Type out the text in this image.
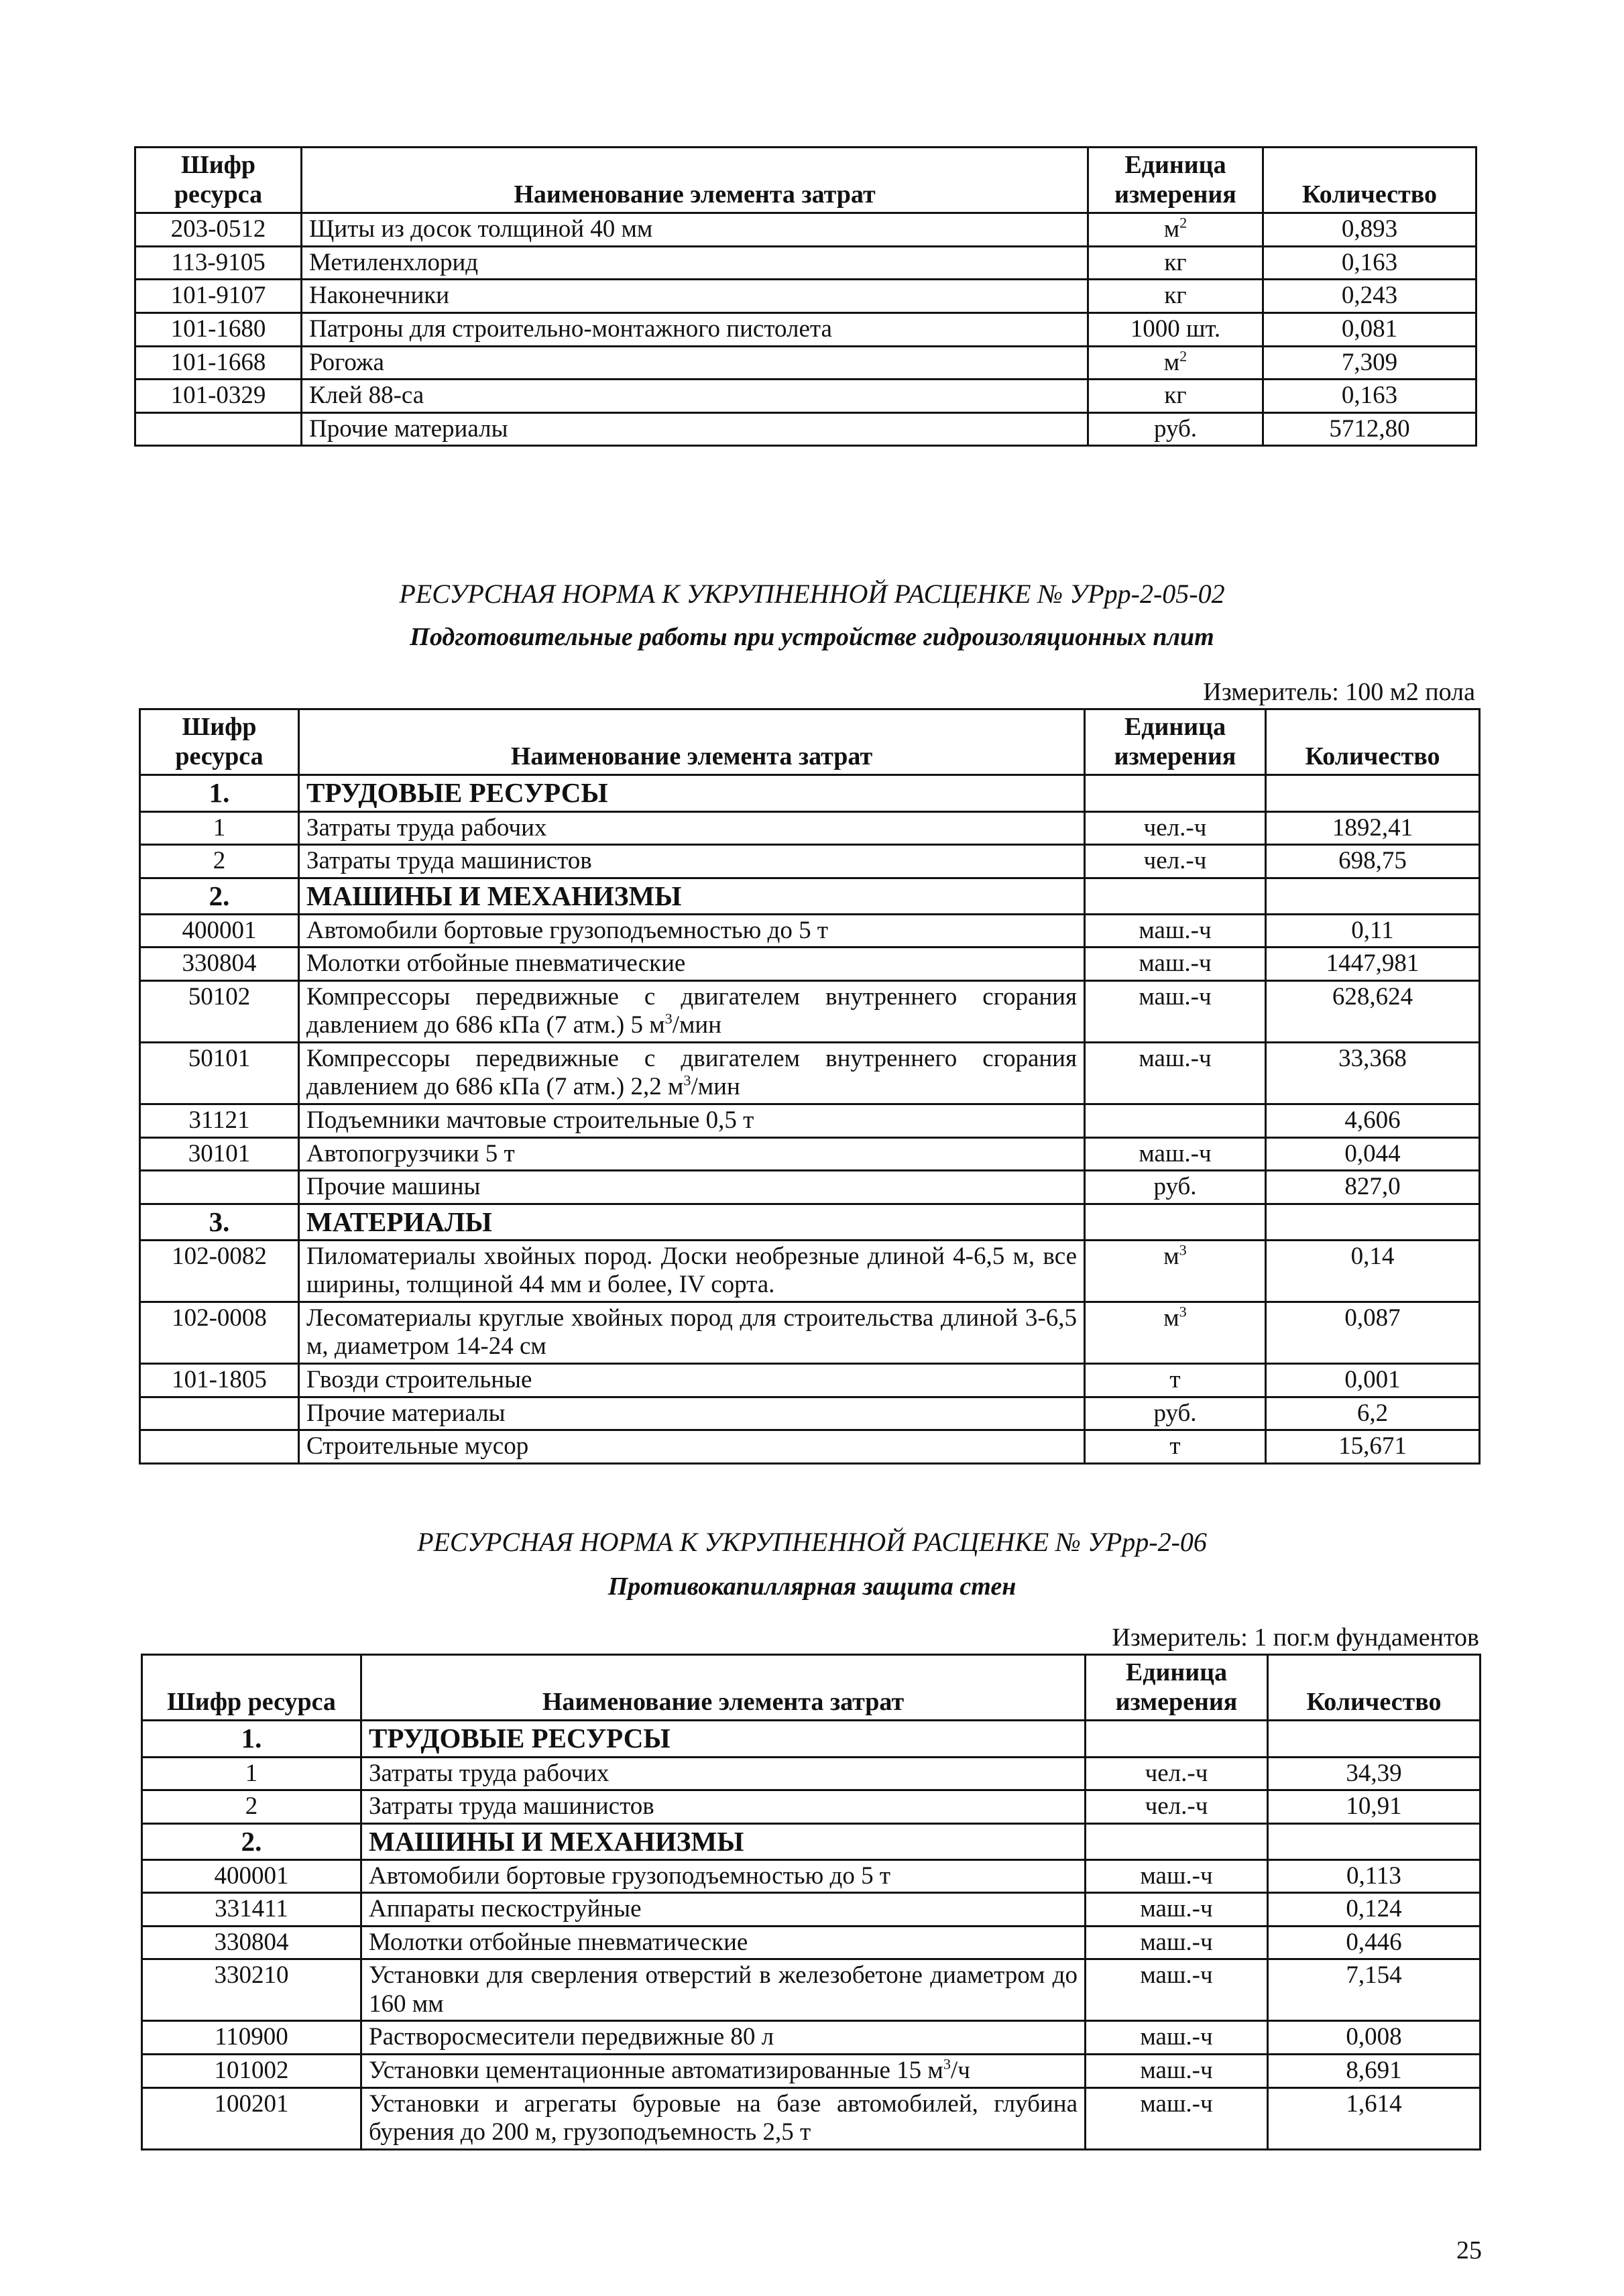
Шифр ресурса	Наименование элемента затрат	Единица измерения	Количество
203-0512	Щиты из досок толщиной 40 мм	$м^2$	0,893
113-9105	Метиленхлорид	кг	0,163
101-9107	Наконечники	кг	0,243
101-1680	Патроны для строительно-монтажного пистолета	1000 шт.	0,081
101-1668	Рогожа	$м^2$	7,309
101-0329	Клей 88-са	кг	0,163
	Прочие материалы	руб.	5712,80
РЕСУРСНАЯ НОРМА К УКРУПНЕННОЙ РАСЦЕНКЕ № УРрр-2-05-02
Подготовительные работы при устройстве гидроизоляционных плит
Измеритель: 100 м2 пола
Шифр ресурса	Наименование элемента затрат	Единица измерения	Количество
1.	ТРУДОВЫЕ РЕСУРСЫ		
1	Затраты труда рабочих	чел.-ч	1892,41
2	Затраты труда машинистов	чел.-ч	698,75
2.	МАШИНЫ И МЕХАНИЗМЫ		
400001	Автомобили бортовые грузоподъемностью до 5 т	маш.-ч	0,11
330804	Молотки отбойные пневматические	маш.-ч	1447,981
50102	Компрессоры передвижные с двигателем внутреннего сгорания давлением до 686 кПа (7 атм.) 5 $м^3$/мин	маш.-ч	628,624
50101	Компрессоры передвижные с двигателем внутреннего сгорания давлением до 686 кПа (7 атм.) 2,2 $м^3$/мин	маш.-ч	33,368
31121	Подъемники мачтовые строительные 0,5 т		4,606
30101	Автопогрузчики 5 т	маш.-ч	0,044
	Прочие машины	руб.	827,0
3.	МАТЕРИАЛЫ		
102-0082	Пиломатериалы хвойных пород. Доски необрезные длиной 4-6,5 м, все ширины, толщиной 44 мм и более, IV сорта.	$м^3$	0,14
102-0008	Лесоматериалы круглые хвойных пород для строительства длиной 3-6,5 м, диаметром 14-24 см	$м^3$	0,087
101-1805	Гвозди строительные	т	0,001
	Прочие материалы	руб.	6,2
	Строительные мусор	т	15,671
РЕСУРСНАЯ НОРМА К УКРУПНЕННОЙ РАСЦЕНКЕ № УРрр-2-06
Противокапиллярная защита стен
Измеритель: 1 пог.м фундаментов
Шифр ресурса	Наименование элемента затрат	Единица измерения	Количество
1.	ТРУДОВЫЕ РЕСУРСЫ		
1	Затраты труда рабочих	чел.-ч	34,39
2	Затраты труда машинистов	чел.-ч	10,91
2.	МАШИНЫ И МЕХАНИЗМЫ		
400001	Автомобили бортовые грузоподъемностью до 5 т	маш.-ч	0,113
331411	Аппараты пескоструйные	маш.-ч	0,124
330804	Молотки отбойные пневматические	маш.-ч	0,446
330210	Установки для сверления отверстий в железобетоне диаметром до 160 мм	маш.-ч	7,154
110900	Растворосмесители передвижные 80 л	маш.-ч	0,008
101002	Установки цементационные автоматизированные 15 $м^3/ч$	маш.-ч	8,691
100201	Установки и агрегаты буровые на базе автомобилей, глубина бурения до 200 м, грузоподъемность 2,5 т	маш.-ч	1,614
25
